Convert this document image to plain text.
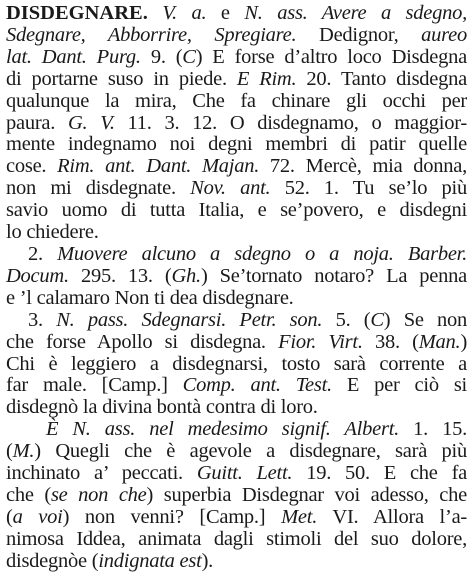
DISDEGNARE. V. a. e N. ass. Avere a sdegno,
Sdegnare, Abborrire, Spregiare. Dedignor, aureo
lat. Dant. Purg. 9. (C) E forse d’altro loco Disdegna
di portarne suso in piede. E Rim. 20. Tanto disdegna
qualunque la mira, Che fa chinare gli occhi per
paura. G. V. 11. 3. 12. O disdegnamo, o maggior-
mente indegnamo noi degni membri di patir quelle
cose. Rim. ant. Dant. Majan. 72. Mercè, mia donna,
non mi disdegnate. Nov. ant. 52. 1. Tu se’lo più
savio uomo di tutta Italia, e se’povero, e disdegni
lo chiedere.
2. Muovere alcuno a sdegno o a noja. Barber.
Docum. 295. 13. (Gh.) Se’tornato notaro? La penna
e ’l calamaro Non ti dea disdegnare.
3. N. pass. Sdegnarsi. Petr. son. 5. (C) Se non
che forse Apollo si disdegna. Fior. Virt. 38. (Man.)
Chi è leggiero a disdegnarsi, tosto sarà corrente a
far male. [Camp.] Comp. ant. Test. E per ciò si
disdegnò la divina bontà contra di loro.
È N. ass. nel medesimo signif. Albert. 1. 15.
(M.) Quegli che è agevole a disdegnare, sarà più
inchinato a’ peccati. Guitt. Lett. 19. 50. E che fa
che (se non che) superbia Disdegnar voi adesso, che
(a voi) non venni? [Camp.] Met. VI. Allora l’a-
nimosa Iddea, animata dagli stimoli del suo dolore,
disdegnòe (indignata est).
